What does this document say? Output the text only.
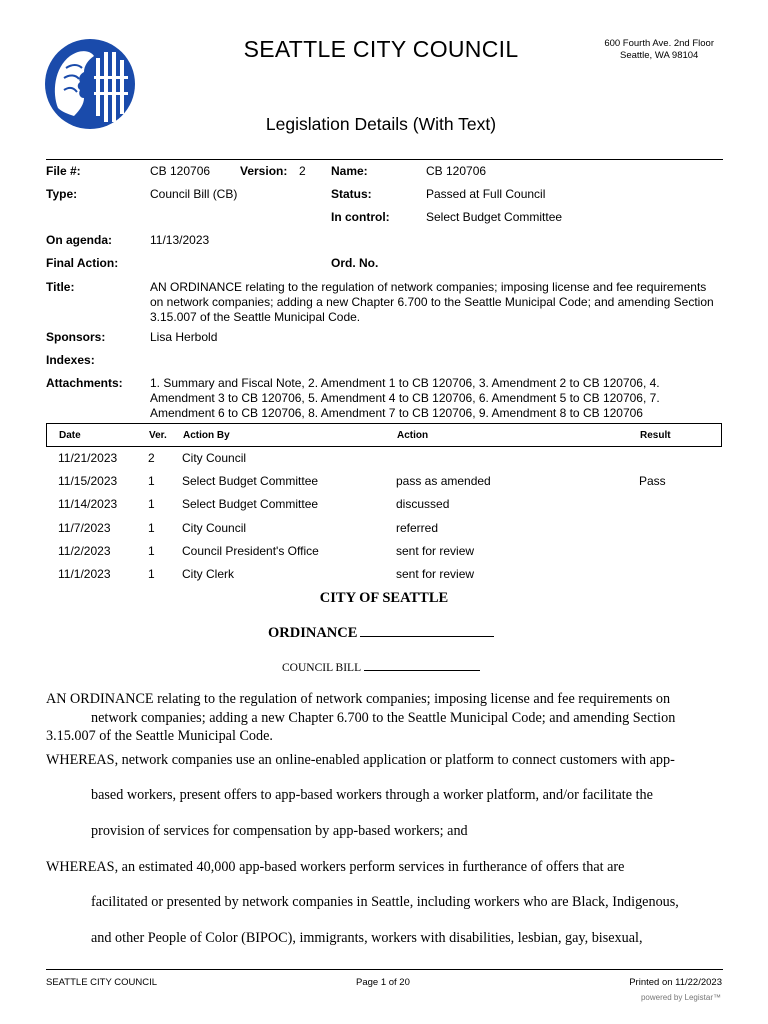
SEATTLE CITY COUNCIL	600 Fourth Ave. 2nd Floor
Seattle, WA 98104
Legislation Details (With Text)
File #:	CB 120706 Version: 2 Name:	CB 120706
Type:	Council Bill (CB)	Status:	Passed at Full Council
In control:	Select Budget Committee
On agenda:	11/13/2023
Final Action:	Ord. No.
Title:	AN ORDINANCE relating to the regulation of network companies; imposing license and fee requirements on network companies; adding a new Chapter 6.700 to the Seattle Municipal Code; and amending Section 3.15.007 of the Seattle Municipal Code.
Sponsors:	Lisa Herbold
Indexes:
Attachments: 1. Summary and Fiscal Note, 2. Amendment 1 to CB 120706, 3. Amendment 2 to CB 120706, 4. Amendment 3 to CB 120706, 5. Amendment 4 to CB 120706, 6. Amendment 5 to CB 120706, 7. Amendment 6 to CB 120706, 8. Amendment 7 to CB 120706, 9. Amendment 8 to CB 120706
Date	Ver. Action By	Action	Result
11/21/2023	2 City Council
11/15/2023	1 Select Budget Committee	pass as amended	Pass
11/14/2023	1 Select Budget Committee	discussed
11/7/2023	1 City Council	referred
11/2/2023	1 Council President's Office	sent for review
11/1/2023	1 City Clerk	sent for review
CITY OF SEATTLE
ORDINANCE
COUNCIL BILL

AN ORDINANCE relating to the regulation of network companies; imposing license and fee requirements on

network companies; adding a new Chapter 6.700 to the Seattle Municipal Code; and amending Section

3.15.007 of the Seattle Municipal Code.

WHEREAS, network companies use an online-enabled application or platform to connect customers with app-

based workers, present offers to app-based workers through a worker platform, and/or facilitate the

provision of services for compensation by app-based workers; and

WHEREAS, an estimated 40,000 app-based workers perform services in furtherance of offers that are

facilitated or presented by network companies in Seattle, including workers who are Black, Indigenous,

and other People of Color (BIPOC), immigrants, workers with disabilities, lesbian, gay, bisexual,

SEATTLE CITY COUNCIL	Page 1 of 20	Printed on 11/22/2023
powered by Legistar™
